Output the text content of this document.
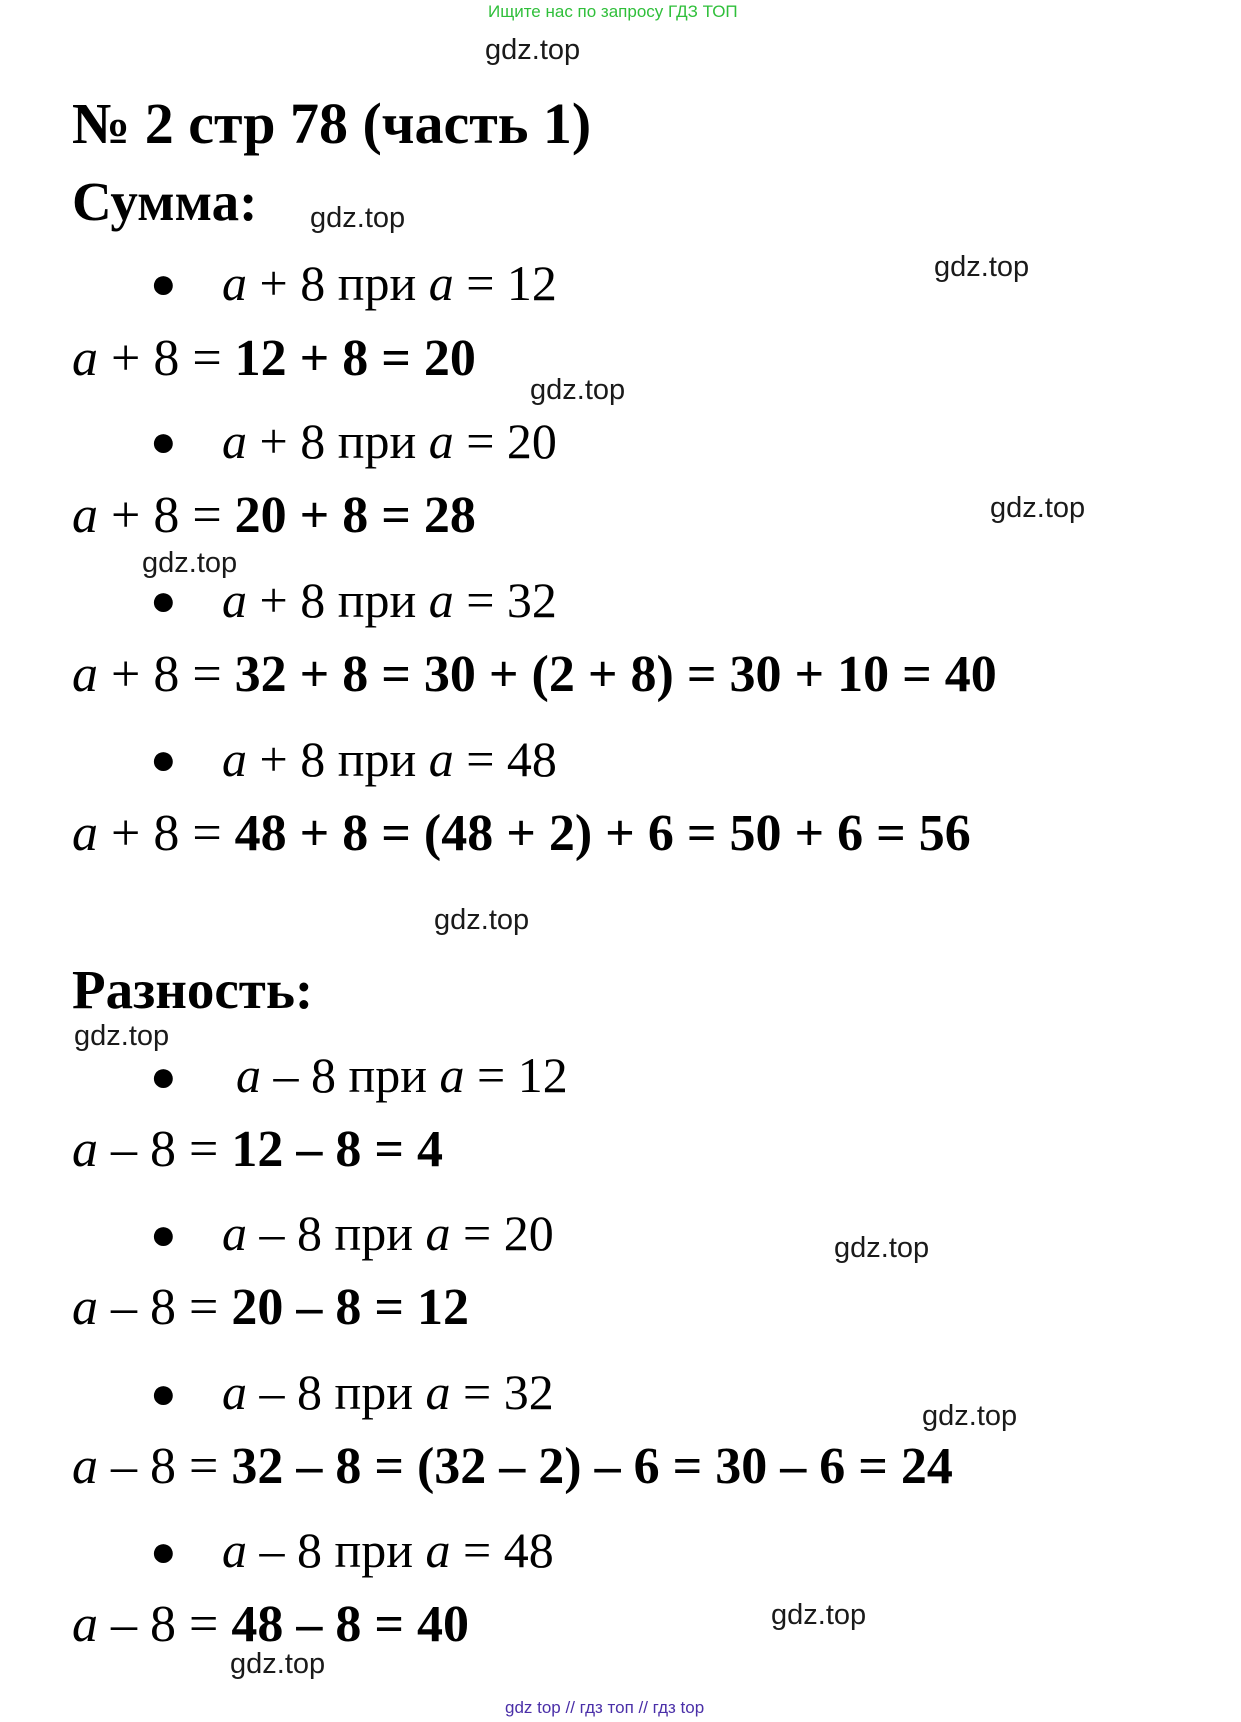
Ищите нас по запросу ГДЗ ТОП
№ 2 стр 78 (часть 1)
Сумма:
● a + 8 при a = 12
a + 8 = 12 + 8 = 20
● a + 8 при a = 20
a + 8 = 20 + 8 = 28
● a + 8 при a = 32
a + 8 = 32 + 8 = 30 + (2 + 8) = 30 + 10 = 40
● a + 8 при a = 48
a + 8 = 48 + 8 = (48 + 2) + 6 = 50 + 6 = 56
Разность:
● a – 8 при a = 12
a – 8 = 12 – 8 = 4
● a – 8 при a = 20
a – 8 = 20 – 8 = 12
● a – 8 при a = 32
a – 8 = 32 – 8 = (32 – 2) – 6 = 30 – 6 = 24
● a – 8 при a = 48
a – 8 = 48 – 8 = 40
gdz.top
gdz.top
gdz.top
gdz.top
gdz.top
gdz.top
gdz.top
gdz.top
gdz.top
gdz.top
gdz.top
gdz.top
gdz top // гдз топ // гдз top
